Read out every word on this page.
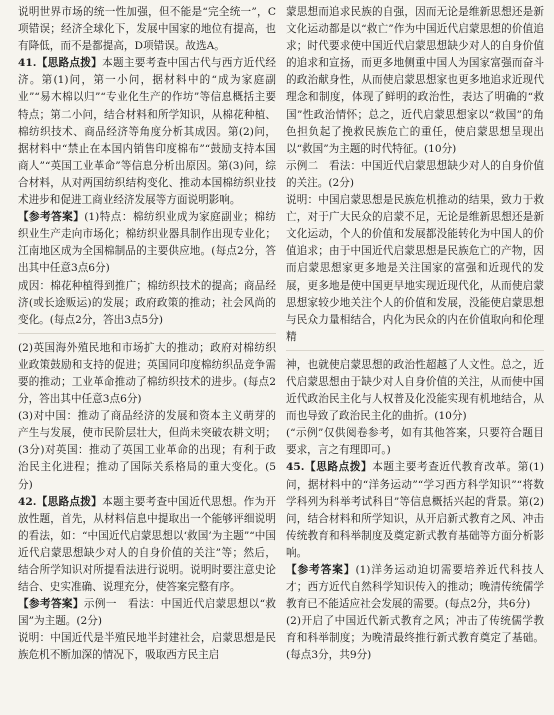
说明世界市场的统一性加强，但不能是“完全统一”，C项错误；经济全球化下，发展中国家的地位有提高，也有降低，而不是都提高，D项错误。故选A。

41.【思路点拨】本题主要考查中国古代与西方近代经济。第(1)问，第一小问，据材料中的“成为家庭副业”“易木棉以归”“专业化生产的作坊”等信息概括主要特点；第二小问，结合材料和所学知识，从棉花种植、棉纺织技术、商品经济等角度分析其成因。第(2)问，据材料中“禁止在本国内销售印度棉布”“鼓励支持本国商人”“英国工业革命”等信息分析出原因。第(3)问，综合材料，从对两国纺织结构变化、推动本国棉纺织业技术进步和促进工商业经济发展等方面说明影响。

【参考答案】(1)特点：棉纺织业成为家庭副业；棉纺织业生产走向市场化；棉纺织业器具制作出现专业化；江南地区成为全国棉制品的主要供应地。(每点2分，答出其中任意3点6分)

成因：棉花种植得到推广；棉纺织技术的提高；商品经济(或长途贩运)的发展；政府政策的推动；社会风尚的变化。(每点2分，答出3点5分)

(2)英国海外殖民地和市场扩大的推动；政府对棉纺织业政策鼓励和支持的促进；英国同印度棉纺织品竞争需要的推动；工业革命推动了棉纺织技术的进步。(每点2分，答出其中任意3点6分)

(3)对中国：推动了商品经济的发展和资本主义萌芽的产生与发展，使市民阶层壮大，但尚未突破农耕文明；(3分)对英国：推动了英国工业革命的出现；有利于政治民主化进程；推动了国际关系格局的重大变化。(5分)

42.【思路点拨】本题主要考查中国近代思想。作为开放性题，首先，从材料信息中提取出一个能够评细说明的看法，如：“中国近代启蒙思想以‘救国’为主题”“中国近代启蒙思想缺少对人的自身价值的关注”等；然后，结合所学知识对所提看法进行说明。说明时要注意史论结合、史实准确、说理充分，使答案完整有序。

【参考答案】示例一　看法：中国近代启蒙思想以“救国”为主题。(2分)

说明：中国近代是半殖民地半封建社会，启蒙思想是民族危机不断加深的情况下，吸取西方民主启

蒙思想而追求民族的自强，因而无论是维新思想还是新文化运动都是以“救亡”作为中国近代启蒙思想的价值追求；时代要求使中国近代启蒙思想缺少对人的自身价值的追求和宣扬，而更多地侧重中国人为国家富强而奋斗的政治献身性，从而使启蒙思想家也更多地追求近现代理念和制度，体现了鲜明的政治性，表达了明确的“救国”性政治情怀；总之，近代启蒙思想家以“救国”的角色担负起了挽救民族危亡的重任，使启蒙思想呈现出以“救国”为主题的时代特征。(10分)

示例二　看法：中国近代启蒙思想缺少对人的自身价值的关注。(2分)

说明：中国启蒙思想是民族危机推动的结果，致力于救亡，对于广大民众的启蒙不足，无论是维新思想还是新文化运动，个人的价值和发展都没能转化为中国人的价值追求；由于中国近代启蒙思想是民族危亡的产物，因而启蒙思想家更多地是关注国家的富强和近现代的发展，更多地是使中国更早地实现近现代化，从而使启蒙思想家较少地关注个人的价值和发展，没能使启蒙思想与民众力量相结合，内化为民众的内在价值取向和伦理精

神，也就使启蒙思想的政治性超越了人文性。总之，近代启蒙思想由于缺少对人自身价值的关注，从而使中国近代政治民主化与人权普及化没能实现有机地结合，从而也导致了政治民主化的曲折。(10分)

(“示例”仅供阅卷参考，如有其他答案，只要符合题目要求，言之有理即可。)

45.【思路点拨】本题主要考查近代教育改革。第(1)问，据材料中的“洋务运动”“学习西方科学知识”“将数学科列为科举考试科目”等信息概括兴起的背景。第(2)问，结合材料和所学知识，从开启新式教育之风、冲击传统教育和科举制度及奠定新式教育基础等方面分析影响。

【参考答案】(1)洋务运动迫切需要培养近代科技人才；西方近代自然科学知识传入的推动；晚清传统儒学教育已不能适应社会发展的需要。(每点2分，共6分)

(2)开启了中国近代新式教育之风；冲击了传统儒学教育和科举制度；为晚清最终推行新式教育奠定了基础。(每点3分，共9分)
